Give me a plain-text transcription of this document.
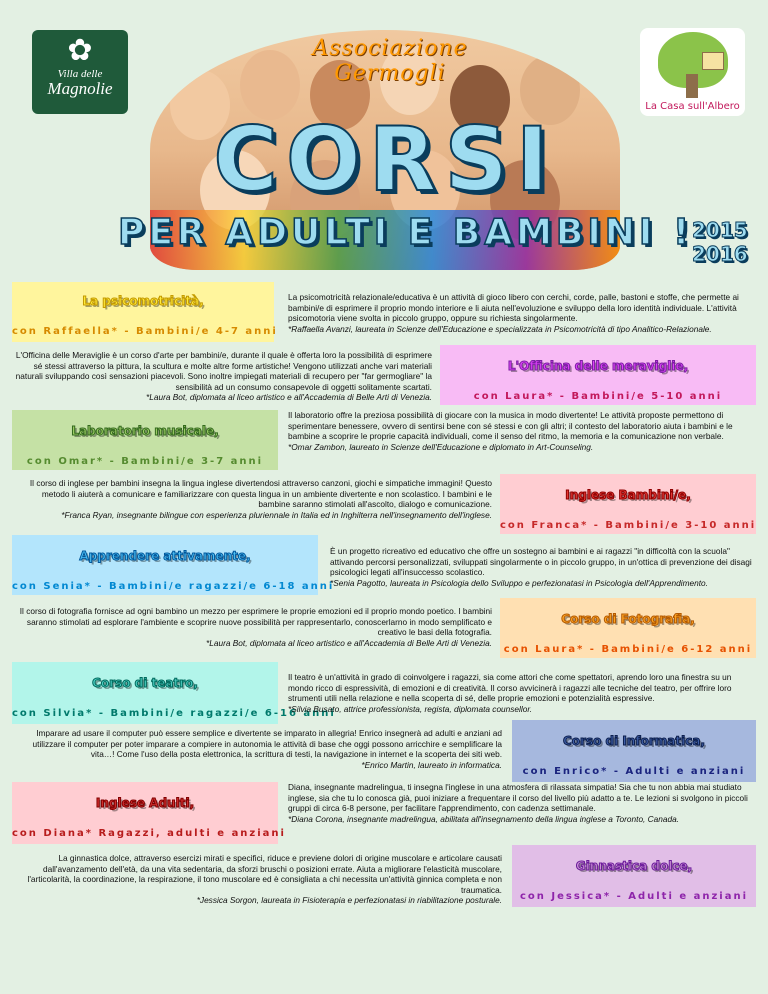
✿
Villa delle
Magnolie
La Casa sull'Albero
Associazione Germogli
CORSI
PER ADULTI E BAMBINI !
2015
2016
La psicomotricità,
con Raffaella* - Bambini/e 4-7 anni
La psicomotricità relazionale/educativa è un attività di gioco libero con cerchi, corde, palle, bastoni e stoffe, che permette ai bambini/e di esprimere il proprio mondo interiore e li aiuta nell'evoluzione e sviluppo della loro identità individuale. L'attività psicomotoria viene svolta in piccolo gruppo, oppure su richiesta singolarmente.
*Raffaella Avanzi, laureata in Scienze dell'Educazione e specializzata in Psicomotricità di tipo Analitico-Relazionale.
L'Officina delle Meraviglie è un corso d'arte per bambini/e, durante il quale è offerta loro la possibilità di esprimere sé stessi attraverso la pittura, la scultura e molte altre forme artistiche! Vengono utilizzati anche vari materiali naturali sviluppando così sensazioni piacevoli. Sono inoltre impiegati materiali di recupero per "far germogliare" la sensibilità ad un consumo consapevole di oggetti solitamente scartati.
*Laura Bot, diplomata al liceo artistico e all'Accademia di Belle Arti di Venezia.
L'Officina delle meraviglie,
con Laura* - Bambini/e 5-10 anni
Laboratorio musicale,
con Omar* - Bambini/e 3-7 anni
Il laboratorio offre la preziosa possibilità di giocare con la musica in modo divertente! Le attività proposte permettono di sperimentare benessere, ovvero di sentirsi bene con sé stessi e con gli altri; il contesto del laboratorio aiuta i bambini e le bambine a scoprire le proprie capacità individuali, come il senso del ritmo, la memoria e la comunicazione non verbale.
*Omar Zambon, laureato in Scienze dell'Educazione e diplomato in Art-Counseling.
Il corso di inglese per bambini insegna la lingua inglese divertendosi attraverso canzoni, giochi e simpatiche immagini! Questo metodo li aiuterà a comunicare e familiarizzare con questa lingua in un ambiente divertente e non scolastico. I bambini e le bambine saranno stimolati all'ascolto, dialogo e comunicazione.
*Franca Ryan, insegnante bilingue con esperienza pluriennale in Italia ed in Inghilterra nell'insegnamento dell'inglese.
Inglese Bambini/e,
con Franca* - Bambini/e 3-10 anni
Apprendere attivamente,
con Senia* - Bambini/e ragazzi/e 6-18 anni
È un progetto ricreativo ed educativo che offre un sostegno ai bambini e ai ragazzi "in difficoltà con la scuola" attivando percorsi personalizzati, sviluppati singolarmente o in piccolo gruppo, in un'ottica di prevenzione dei disagi psicologici legati all'insuccesso scolastico.
*Senia Pagotto, laureata in Psicologia dello Sviluppo e perfezionatasi in Psicologia dell'Apprendimento.
Il corso di fotografia fornisce ad ogni bambino un mezzo per esprimere le proprie emozioni ed il proprio mondo poetico. I bambini saranno stimolati ad esplorare l'ambiente e scoprire nuove possibilità per rappresentarlo, conoscerlarno in modo semplificato e creativo le basi della fotografia.
*Laura Bot, diplomata al liceo artistico e all'Accademia di Belle Arti di Venezia.
Corso di Fotografia,
con Laura* - Bambini/e 6-12 anni
Corso di teatro,
con Silvia* - Bambini/e ragazzi/e 6-16 anni
Il teatro è un'attività in grado di coinvolgere i ragazzi, sia come attori che come spettatori, aprendo loro una finestra su un mondo ricco di espressività, di emozioni e di creatività. Il corso avvicinerà i ragazzi alle tecniche del teatro, per offrire loro strumenti utili nella relazione e nella scoperta di sé, delle proprie emozioni e potenzialità espressive.
*Silvia Busato, attrice professionista, regista, diplomata counsellor.
Imparare ad usare il computer può essere semplice e divertente se imparato in allegria! Enrico insegnerà ad adulti e anziani ad utilizzare il computer per poter imparare a compiere in autonomia le attività di base che oggi possono arricchire e semplificare la vita…! Come l'uso della posta elettronica, la scrittura di testi, la navigazione in internet e la scoperta dei siti web.
*Enrico Martin, laureato in informatica.
Corso di Informatica,
con Enrico* - Adulti e anziani
Inglese Adulti,
con Diana* Ragazzi, adulti e anziani
Diana, insegnante madrelingua, ti insegna l'inglese in una atmosfera di rilassata simpatia! Sia che tu non abbia mai studiato inglese, sia che tu lo conosca già, puoi iniziare a frequentare il corso del livello più adatto a te. Le lezioni si svolgono in piccoli gruppi di circa 6-8 persone, per facilitare l'apprendimento, con cadenza settimanale.
*Diana Corona, insegnante madrelingua, abilitata all'insegnamento della lingua inglese a Toronto, Canada.
La ginnastica dolce, attraverso esercizi mirati e specifici, riduce e previene dolori di origine muscolare e articolare causati dall'avanzamento dell'età, da una vita sedentaria, da sforzi bruschi o posizioni errate. Aiuta a migliorare l'elasticità muscolare, l'articolarità, la coordinazione, la respirazione, il tono muscolare ed è consigliata a chi necessita un'attività ginnica completa e non traumatica.
*Jessica Sorgon, laureata in Fisioterapia e perfezionatasi in riabilitazione posturale.
Ginnastica dolce,
con Jessica* - Adulti e anziani
